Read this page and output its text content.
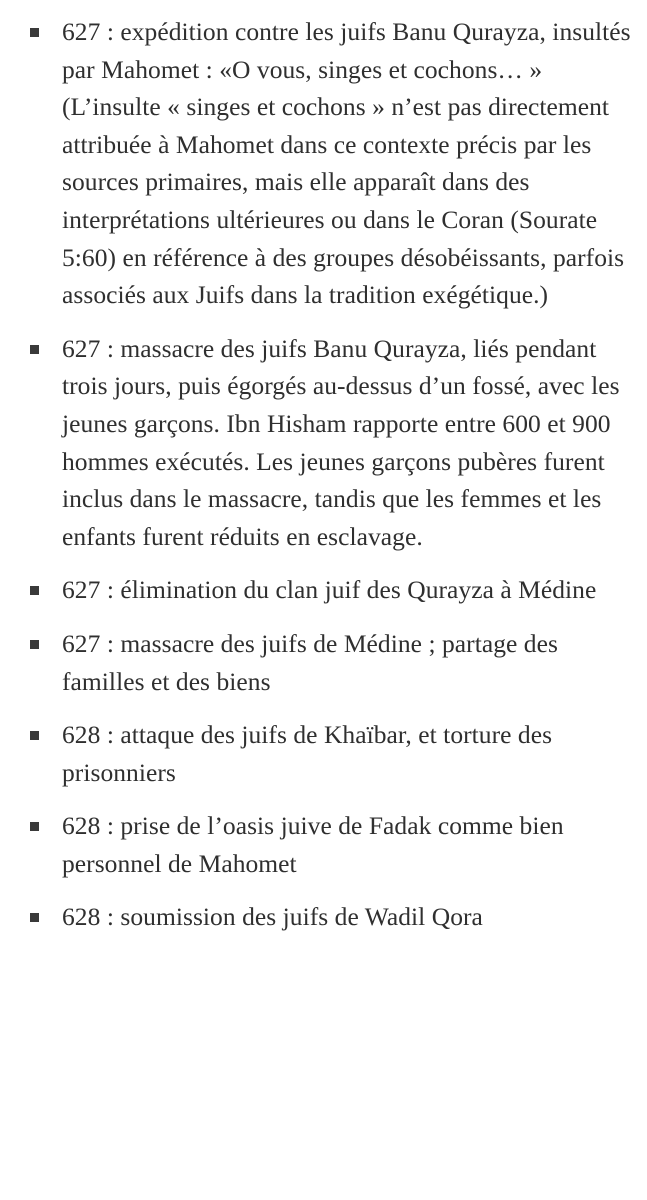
627 : expédition contre les juifs Banu Qurayza, insultés par Mahomet : «O vous, singes et cochons… » (L’insulte « singes et cochons » n’est pas directement attribuée à Mahomet dans ce contexte précis par les sources primaires, mais elle apparaît dans des interprétations ultérieures ou dans le Coran (Sourate 5:60) en référence à des groupes désobéissants, parfois associés aux Juifs dans la tradition exégétique.)
627 : massacre des juifs Banu Qurayza, liés pendant trois jours, puis égorgés au-dessus d’un fossé, avec les jeunes garçons. Ibn Hisham rapporte entre 600 et 900 hommes exécutés. Les jeunes garçons pubères furent inclus dans le massacre, tandis que les femmes et les enfants furent réduits en esclavage.
627 : élimination du clan juif des Qurayza à Médine
627 : massacre des juifs de Médine ; partage des familles et des biens
628 : attaque des juifs de Khaïbar, et torture des prisonniers
628 : prise de l’oasis juive de Fadak comme bien personnel de Mahomet
628 : soumission des juifs de Wadil Qora
